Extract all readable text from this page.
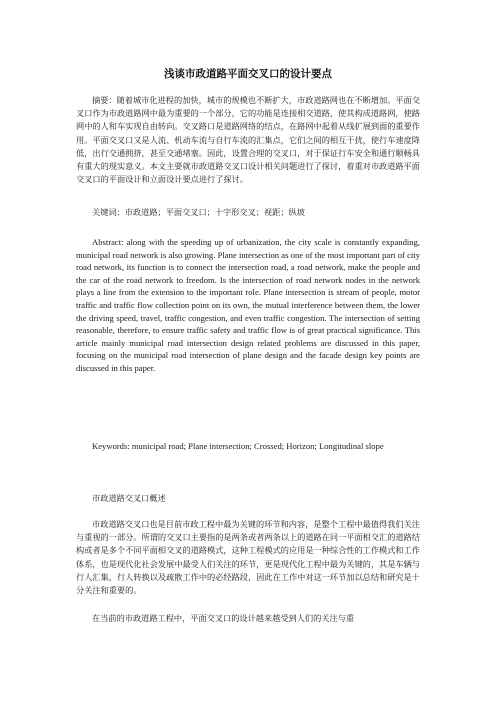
浅谈市政道路平面交叉口的设计要点

摘要：随着城市化进程的加快，城市的规模也不断扩大，市政道路网也在不断增加。平面交叉口作为市政道路网中最为重要的一个部分，它的功能是连接相交道路，使其构成道路网，使路网中的人和车实现自由转向。交叉路口是道路网络的结点，在路网中起着从线扩展到面的重要作用。平面交叉口又是人流、机动车流与自行车流的汇集点，它们之间的相互干扰，使行车速度降低，出行交通拥挤，甚至交通堵塞。因此，设置合理的交叉口，对于保证行车安全和通行顺畅具有重大的现实意义。本文主要就市政道路交叉口设计相关问题进行了探讨，着重对市政道路平面交叉口的平面设计和立面设计要点进行了探讨。

关键词：市政道路；平面交叉口；十字形交叉；视距；纵坡

Abstract: along with the speeding up of urbanization, the city scale is constantly expanding, municipal road network is also growing. Plane intersection as one of the most important part of city road network, its function is to connect the intersection road, a road network, make the people and the car of the road network to freedom. Is the intersection of road network nodes in the network plays a line from the extension to the important role. Plane intersection is stream of people, motor traffic and traffic flow collection point on its own, the mutual interference between them, the lower the driving speed, travel, traffic congestion, and even traffic congestion. The intersection of setting reasonable, therefore, to ensure traffic safety and traffic flow is of great practical significance. This article mainly municipal road intersection design related problems are discussed in this paper, focusing on the municipal road intersection of plane design and the facade design key points are discussed in this paper.

Keywords: municipal road; Plane intersection; Crossed; Horizon; Longitudinal slope

市政道路交叉口概述

市政道路交叉口也是目前市政工程中最为关键的环节和内容，是整个工程中最值得我们关注与重视的一部分。所谓的交叉口主要指的是两条或者两条以上的道路在同一平面相交汇的道路结构或者是多个不同平面相交叉的道路模式，这种工程模式的应用是一种综合性的工作模式和工作体系，也是现代化社会发展中最受人们关注的环节，更是现代化工程中最为关键的，其是车辆与行人汇集，行人转换以及疏散工作中的必经路段，因此在工作中对这一环节加以总结和研究是十分关注和重要的。

在当前的市政道路工程中，平面交叉口的设计越来越受到人们的关注与重
